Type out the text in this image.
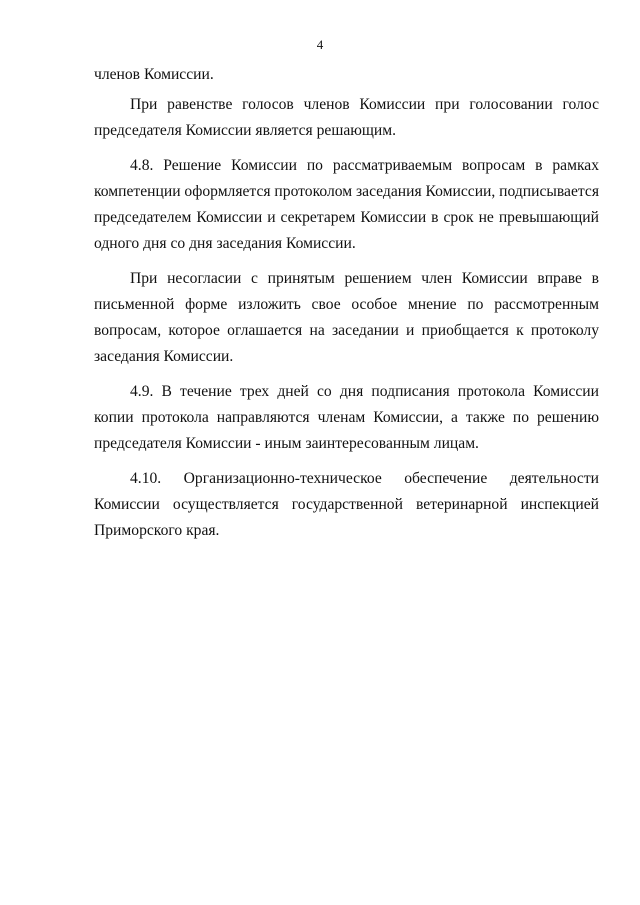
4

членов Комиссии.

При равенстве голосов членов Комиссии при голосовании голос председателя Комиссии является решающим.

4.8. Решение Комиссии по рассматриваемым вопросам в рамках компетенции оформляется протоколом заседания Комиссии, подписывается председателем Комиссии и секретарем Комиссии в срок не превышающий одного дня со дня заседания Комиссии.

При несогласии с принятым решением член Комиссии вправе в письменной форме изложить свое особое мнение по рассмотренным вопросам, которое оглашается на заседании и приобщается к протоколу заседания Комиссии.

4.9. В течение трех дней со дня подписания протокола Комиссии копии протокола направляются членам Комиссии, а также по решению председателя Комиссии - иным заинтересованным лицам.

4.10. Организационно-техническое обеспечение деятельности Комиссии осуществляется государственной ветеринарной инспекцией Приморского края.
